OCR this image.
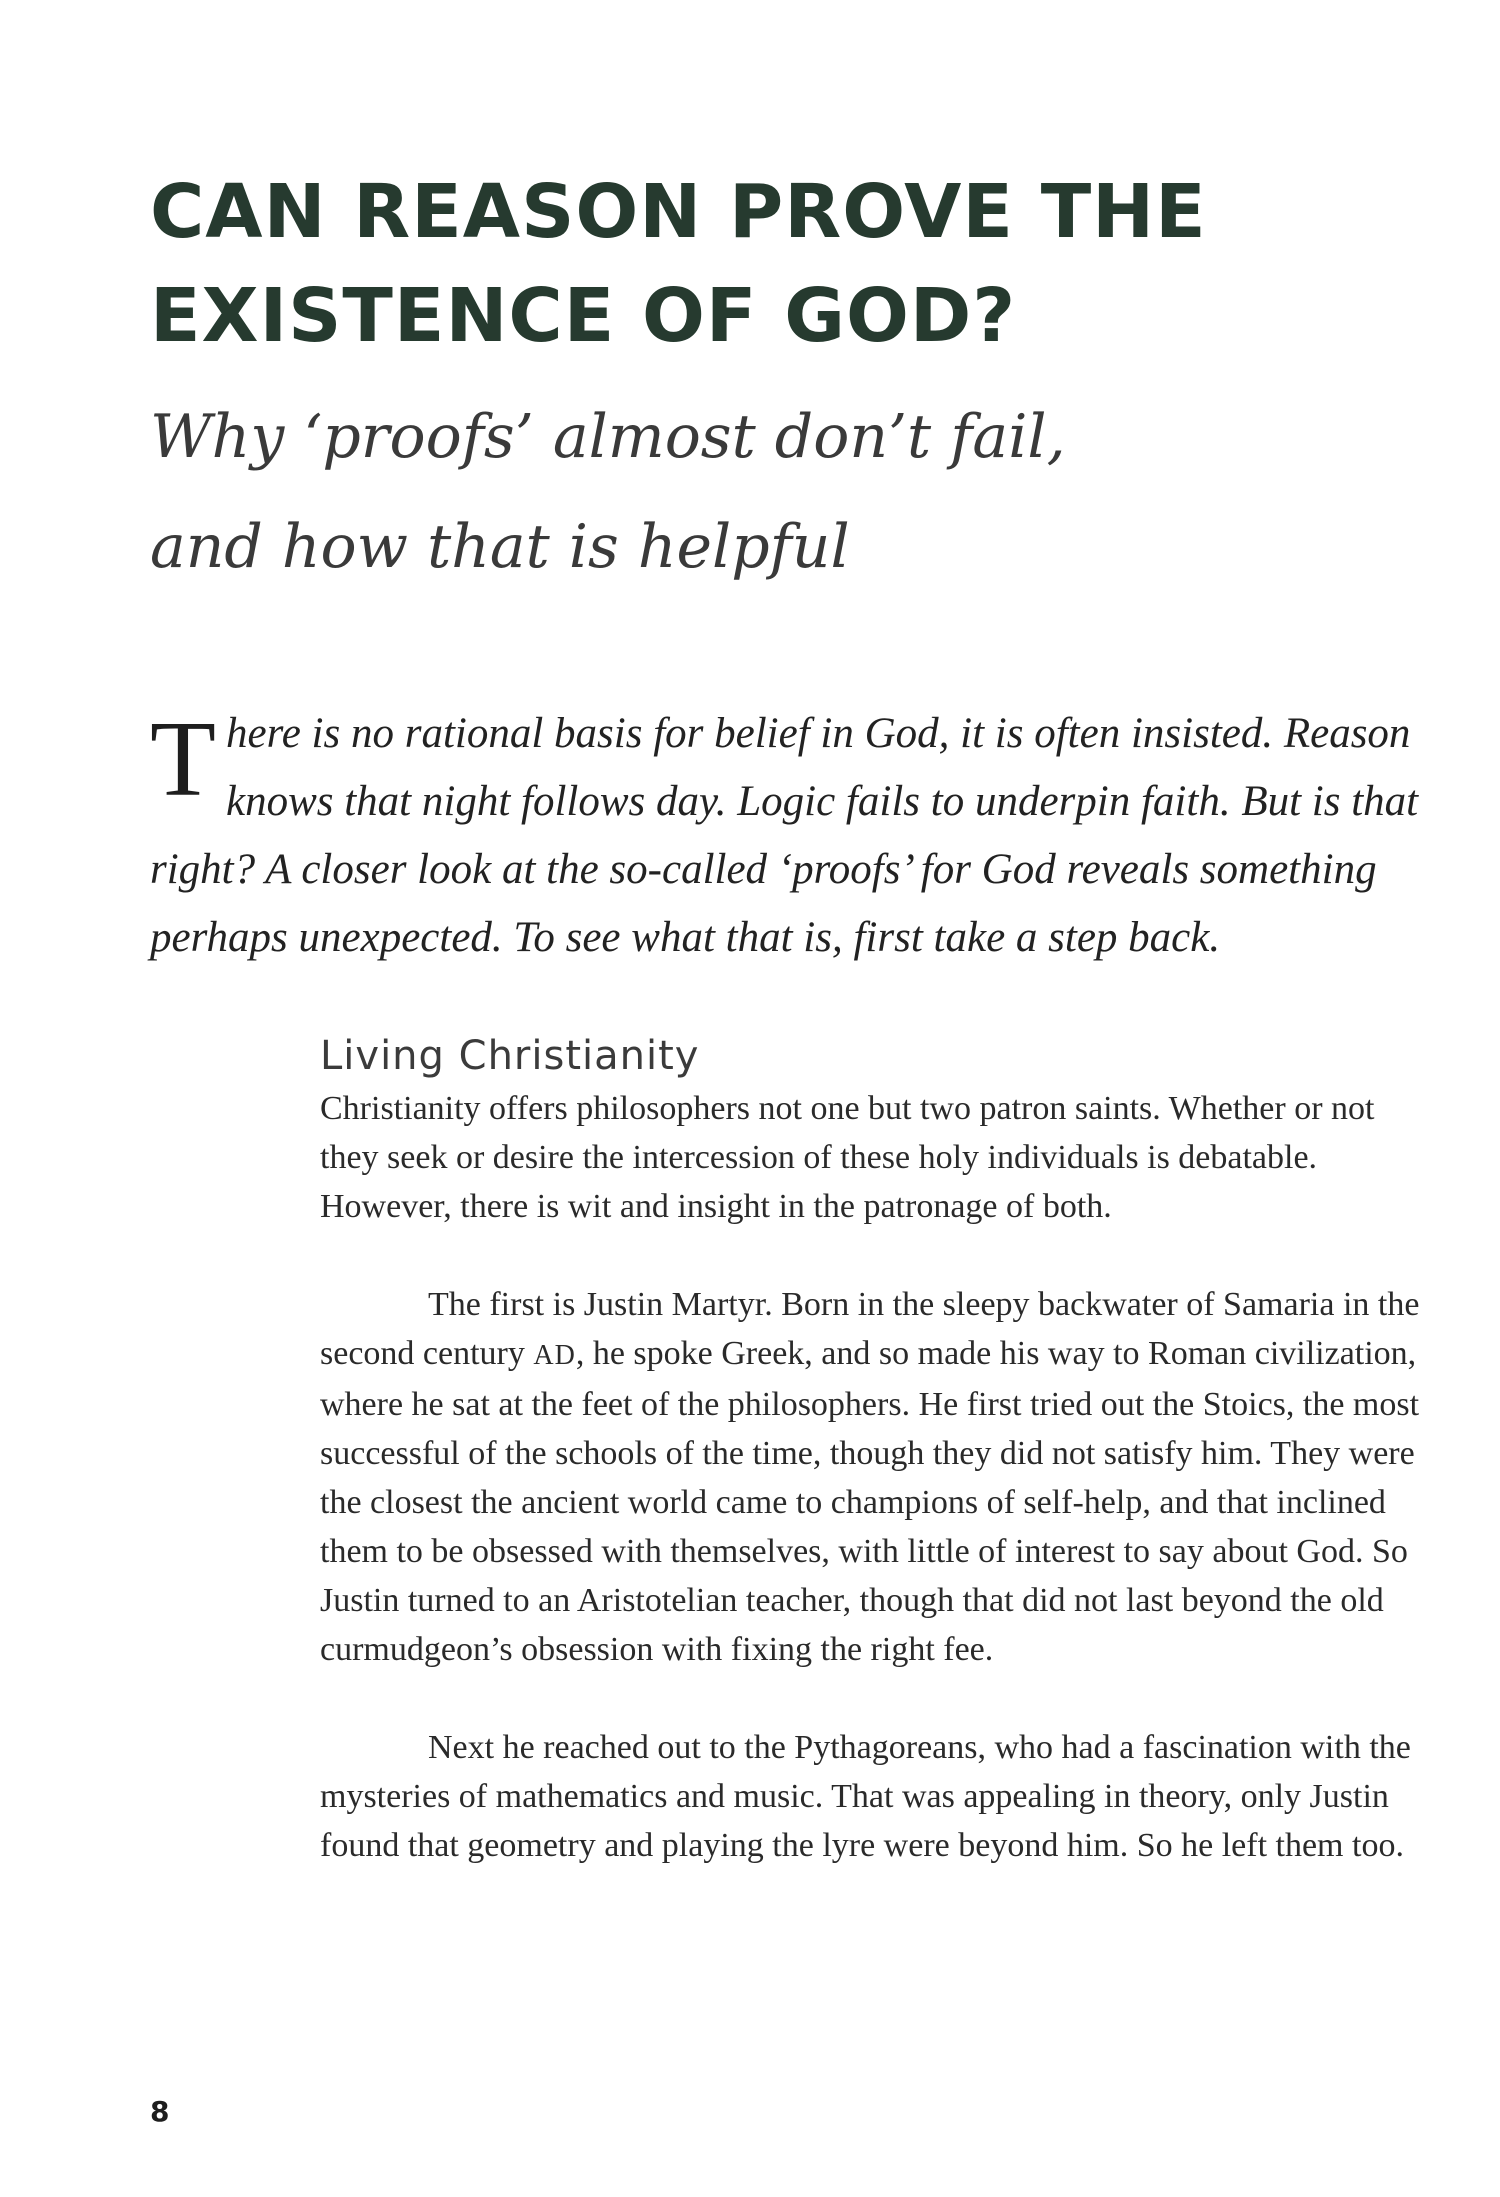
CAN REASON PROVE THE
EXISTENCE OF GOD?
Why ‘proofs’ almost don’t fail,
and how that is helpful
There is no rational basis for belief in God, it is often insisted. Reason knows that night follows day. Logic fails to underpin faith. But is that right? A closer look at the so-called ‘proofs’ for God reveals something perhaps unexpected. To see what that is, first take a step back.
Living Christianity

Christianity offers philosophers not one but two patron saints. Whether or not they seek or desire the intercession of these holy individuals is debatable. However, there is wit and insight in the patronage of both.

The first is Justin Martyr. Born in the sleepy backwater of Samaria in the second century AD, he spoke Greek, and so made his way to Roman civilization, where he sat at the feet of the philosophers. He first tried out the Stoics, the most successful of the schools of the time, though they did not satisfy him. They were the closest the ancient world came to champions of self-help, and that inclined them to be obsessed with themselves, with little of interest to say about God. So Justin turned to an Aristotelian teacher, though that did not last beyond the old curmudgeon’s obsession with fixing the right fee.

Next he reached out to the Pythagoreans, who had a fascination with the mysteries of mathematics and music. That was appealing in theory, only Justin found that geometry and playing the lyre were beyond him. So he left them too.

8
